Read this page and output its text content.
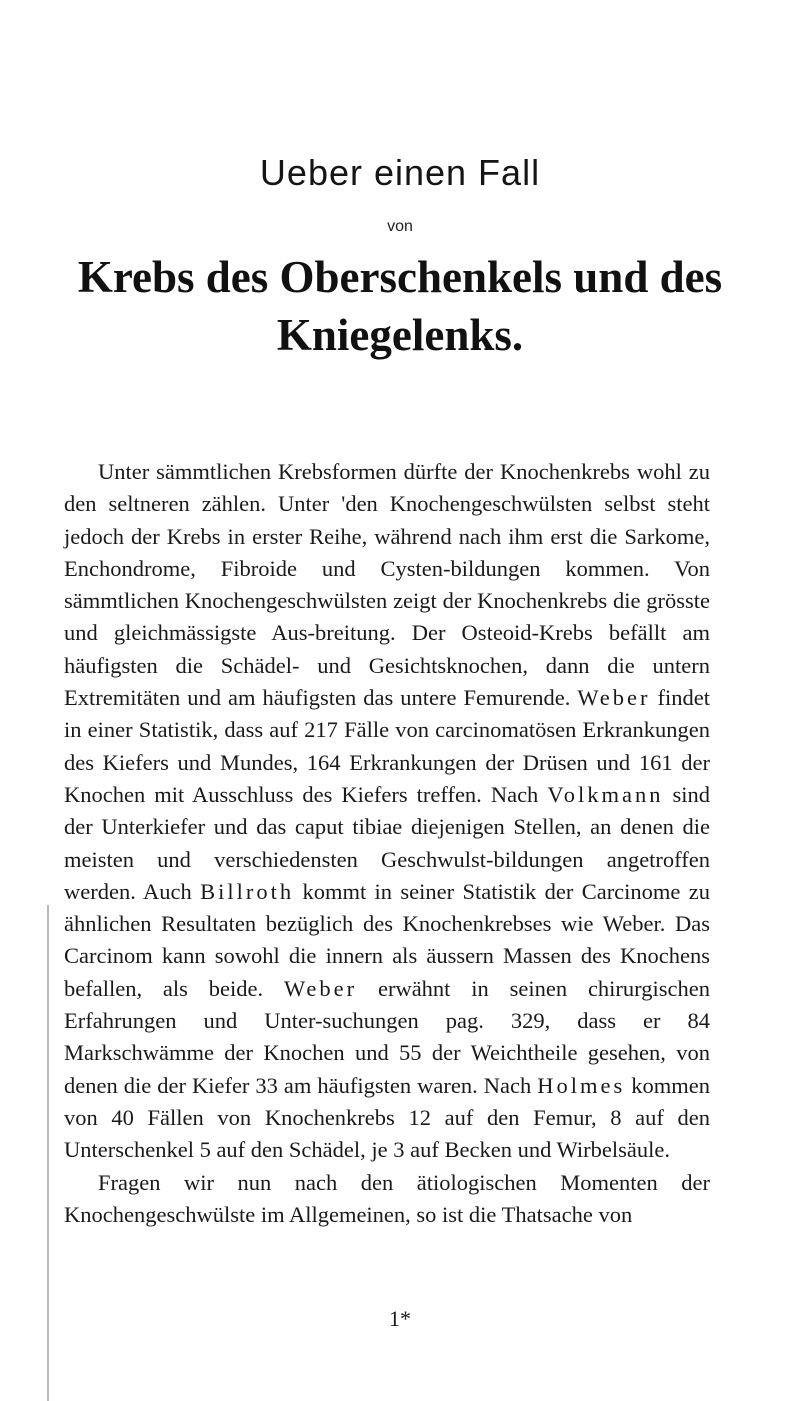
Ueber einen Fall
von
Krebs des Oberschenkels und des
Kniegelenks.

Unter sämmtlichen Krebsformen dürfte der Knochenkrebs wohl zu den seltneren zählen. Unter 'den Knochengeschwülsten selbst steht jedoch der Krebs in erster Reihe, während nach ihm erst die Sarkome, Enchondrome, Fibroide und Cysten-bildungen kommen. Von sämmtlichen Knochengeschwülsten zeigt der Knochenkrebs die grösste und gleichmässigste Aus-breitung. Der Osteoid-Krebs befällt am häufigsten die Schädel- und Gesichtsknochen, dann die untern Extremitäten und am häufigsten das untere Femurende. Weber findet in einer Statistik, dass auf 217 Fälle von carcinomatösen Erkrankungen des Kiefers und Mundes, 164 Erkrankungen der Drüsen und 161 der Knochen mit Ausschluss des Kiefers treffen. Nach Volkmann sind der Unterkiefer und das caput tibiae diejenigen Stellen, an denen die meisten und verschiedensten Geschwulst-bildungen angetroffen werden. Auch Billroth kommt in seiner Statistik der Carcinome zu ähnlichen Resultaten bezüglich des Knochenkrebses wie Weber. Das Carcinom kann sowohl die innern als äussern Massen des Knochens befallen, als beide. Weber erwähnt in seinen chirurgischen Erfahrungen und Unter-suchungen pag. 329, dass er 84 Markschwämme der Knochen und 55 der Weichtheile gesehen, von denen die der Kiefer 33 am häufigsten waren. Nach Holmes kommen von 40 Fällen von Knochenkrebs 12 auf den Femur, 8 auf den Unterschenkel 5 auf den Schädel, je 3 auf Becken und Wirbelsäule.

Fragen wir nun nach den ätiologischen Momenten der Knochengeschwülste im Allgemeinen, so ist die Thatsache von

1*
